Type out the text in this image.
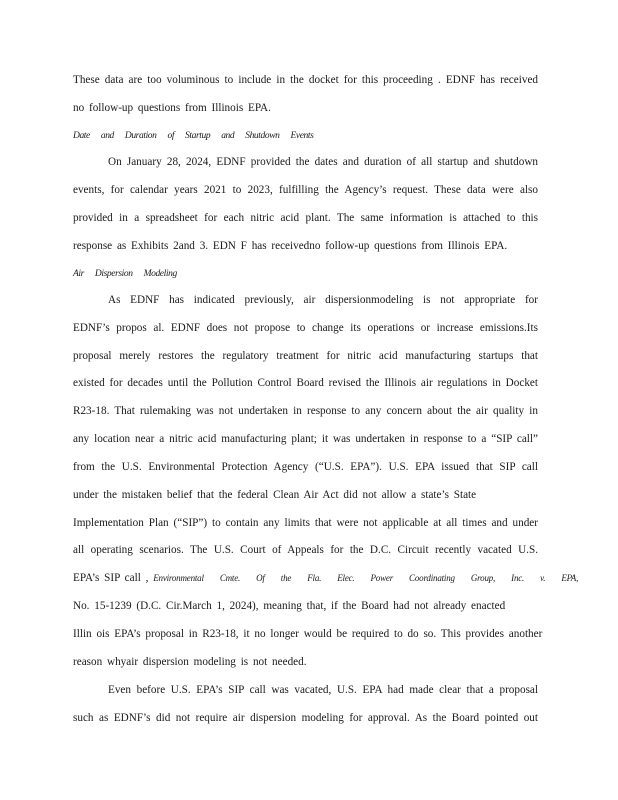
These data are too voluminous to include in the docket for this proceeding . EDNF has received
no follow-up questions from Illinois EPA.
Date and Duration of Startup and Shutdown Events
On January 28, 2024, EDNF provided the dates and duration of all startup and shutdown
events, for calendar years 2021 to 2023, fulfilling the Agency’s request. These data were also
provided in a spreadsheet for each nitric acid plant. The same information is attached to this
response as Exhibits 2and 3. EDN F has receivedno follow-up questions from Illinois EPA.
Air Dispersion Modeling
As EDNF has indicated previously, air dispersionmodeling is not appropriate for
EDNF’s propos al. EDNF does not propose to change its operations or increase emissions.Its
proposal merely restores the regulatory treatment for nitric acid manufacturing startups that
existed for decades until the Pollution Control Board revised the Illinois air regulations in Docket
R23-18. That rulemaking was not undertaken in response to any concern about the air quality in
any location near a nitric acid manufacturing plant; it was undertaken in response to a “SIP call”
from the U.S. Environmental Protection Agency (“U.S. EPA”). U.S. EPA issued that SIP call
under the mistaken belief that the federal Clean Air Act did not allow a state’s State
Implementation Plan (“SIP”) to contain any limits that were not applicable at all times and under
all operating scenarios. The U.S. Court of Appeals for the D.C. Circuit recently vacated U.S.
EPA’s SIP call , Environmental Cmte. Of the Fla. Elec. Power Coordinating Group, Inc. v. EPA,
No. 15-1239 (D.C. Cir.March 1, 2024), meaning that, if the Board had not already enacted
Illin ois EPA’s proposal in R23-18, it no longer would be required to do so. This provides another
reason whyair dispersion modeling is not needed.
Even before U.S. EPA’s SIP call was vacated, U.S. EPA had made clear that a proposal
such as EDNF’s did not require air dispersion modeling for approval. As the Board pointed out
